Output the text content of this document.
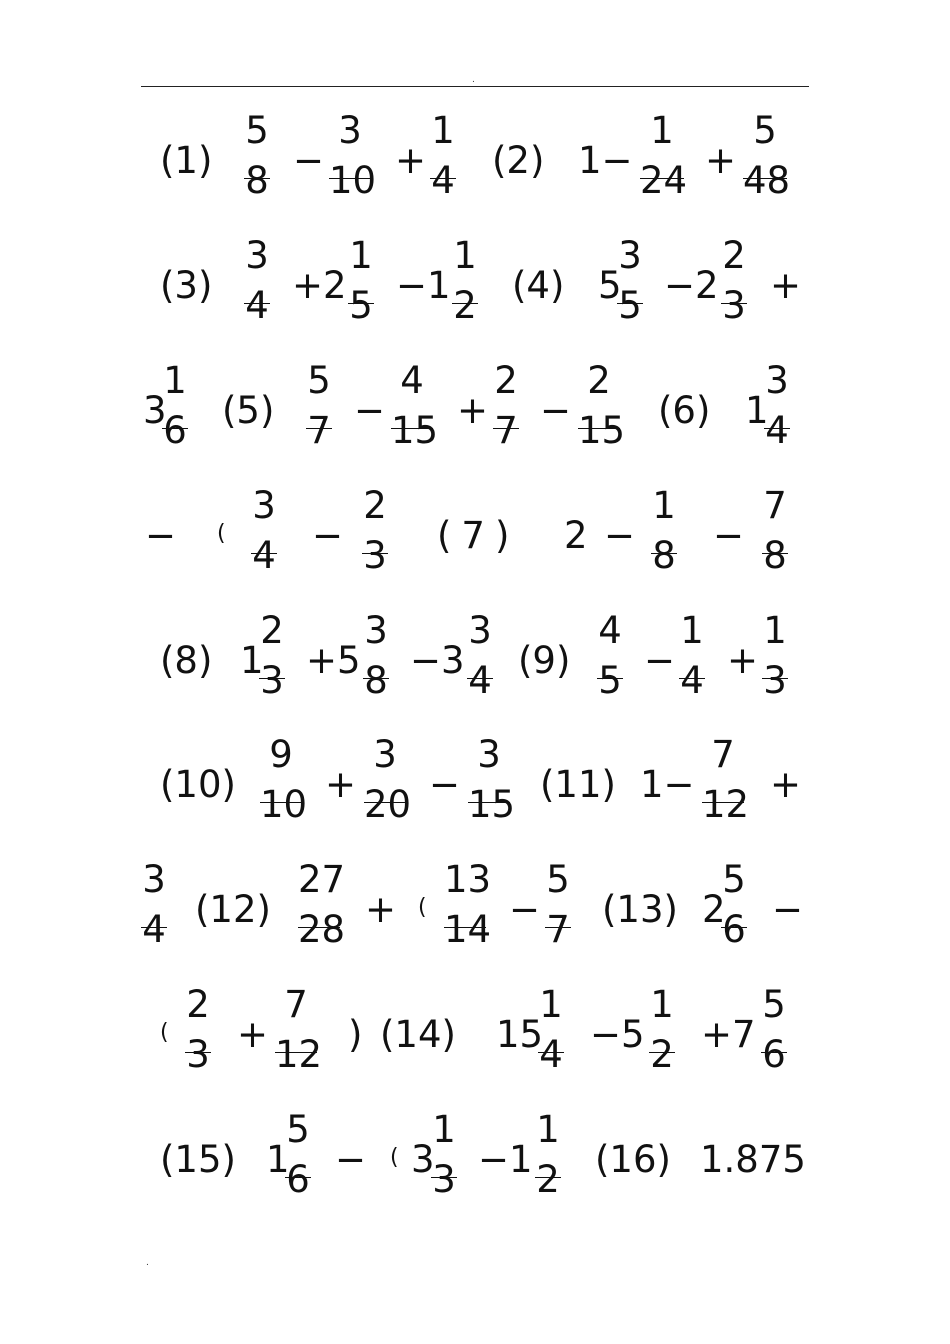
.
(1)
5
8 −
3
10 +
1
4 (2) 1−
1
24 +
5
48
(3)
3
4 +2
1
5 −1
1
2 (4) 5
3
5 −2
2
3 +
3
1
6 (5)
5
7 −
4
15 +
2
7 −
2
15 (6) 1
3
4
− (
3
4 −
2
3 (7) 2 −
1
8 −
7
8
(8) 1
2
3 +5
3
8 −3
3
4 (9)
4
5 −
1
4 +
1
3
(10)
9
10 +
3
20 −
3
15 (11) 1−
7
12 +
3
4 (12)
27
28 + (
13
14 −
5
7 (13) 2
5
6 −
(
2
3 +
7
12 ) (14) 15
1
4 −5
1
2 +7
5
6
(15) 1
5
6 − ( 3
1
3 −1
1
2 (16) 1.875
.
